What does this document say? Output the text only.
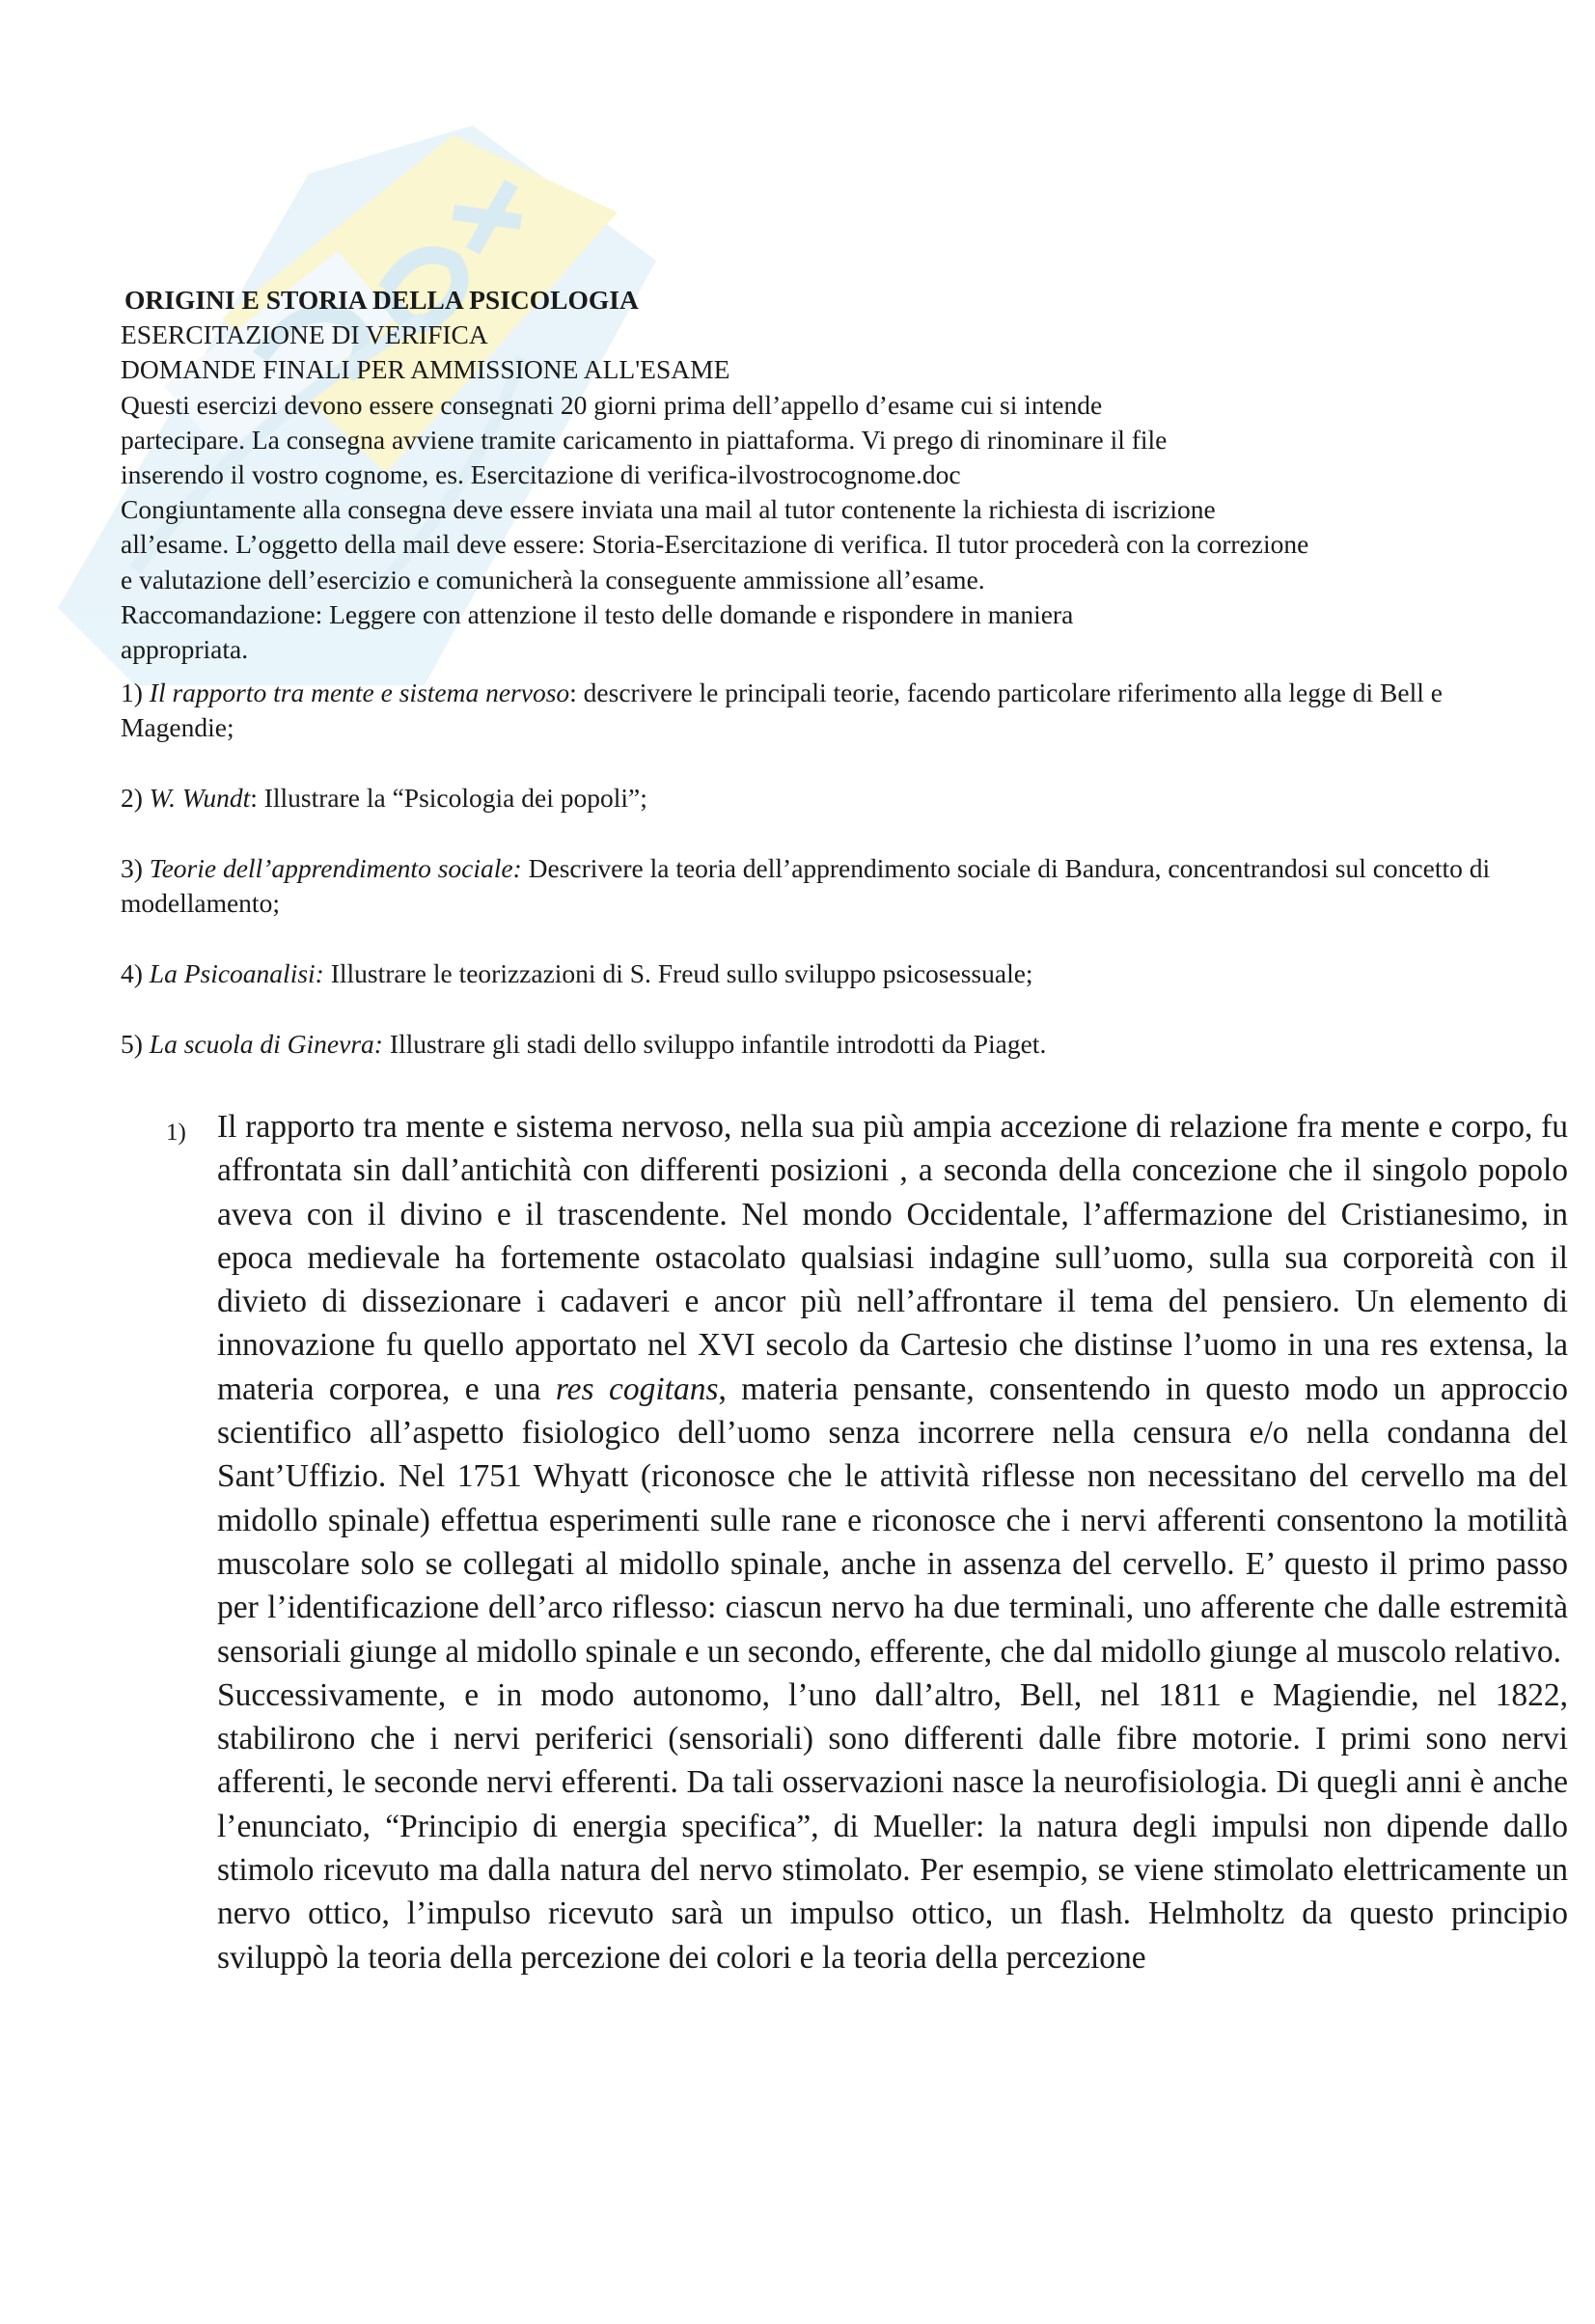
ORIGINI E STORIA DELLA PSICOLOGIA
ESERCITAZIONE DI VERIFICA
DOMANDE FINALI PER AMMISSIONE ALL'ESAME
Questi esercizi devono essere consegnati 20 giorni prima dell’appello d’esame cui si intende
partecipare. La consegna avviene tramite caricamento in piattaforma. Vi prego di rinominare il file
inserendo il vostro cognome, es. Esercitazione di verifica-ilvostrocognome.doc
Congiuntamente alla consegna deve essere inviata una mail al tutor contenente la richiesta di iscrizione
all’esame. L’oggetto della mail deve essere: Storia-Esercitazione di verifica. Il tutor procederà con la correzione
e valutazione dell’esercizio e comunicherà la conseguente ammissione all’esame.
Raccomandazione: Leggere con attenzione il testo delle domande e rispondere in maniera
appropriata.
1) Il rapporto tra mente e sistema nervoso: descrivere le principali teorie, facendo particolare riferimento alla legge di Bell e Magendie;
2) W. Wundt: Illustrare la “Psicologia dei popoli”;
3) Teorie dell’apprendimento sociale: Descrivere la teoria dell’apprendimento sociale di Bandura, concentrandosi sul concetto di modellamento;
4) La Psicoanalisi: Illustrare le teorizzazioni di S. Freud sullo sviluppo psicosessuale;
5) La scuola di Ginevra: Illustrare gli stadi dello sviluppo infantile introdotti da Piaget.
1) Il rapporto tra mente e sistema nervoso, nella sua più ampia accezione di relazione fra mente e corpo, fu affrontata sin dall’antichità con differenti posizioni , a seconda della concezione che il singolo popolo aveva con il divino e il trascendente. Nel mondo Occidentale, l’affermazione del Cristianesimo, in epoca medievale ha fortemente ostacolato qualsiasi indagine sull’uomo, sulla sua corporeità con il divieto di dissezionare i cadaveri e ancor più nell’affrontare il tema del pensiero. Un elemento di innovazione fu quello apportato nel XVI secolo da Cartesio che distinse l’uomo in una res extensa, la materia corporea, e una res cogitans, materia pensante, consentendo in questo modo un approccio scientifico all’aspetto fisiologico dell’uomo senza incorrere nella censura e/o nella condanna del Sant’Uffizio. Nel 1751 Whyatt (riconosce che le attività riflesse non necessitano del cervello ma del midollo spinale) effettua esperimenti sulle rane e riconosce che i nervi afferenti consentono la motilità muscolare solo se collegati al midollo spinale, anche in assenza del cervello. E’ questo il primo passo per l’identificazione dell’arco riflesso: ciascun nervo ha due terminali, uno afferente che dalle estremità sensoriali giunge al midollo spinale e un secondo, efferente, che dal midollo giunge al muscolo relativo.

Successivamente, e in modo autonomo, l’uno dall’altro, Bell, nel 1811 e Magiendie, nel 1822, stabilirono che i nervi periferici (sensoriali) sono differenti dalle fibre motorie. I primi sono nervi afferenti, le seconde nervi efferenti. Da tali osservazioni nasce la neurofisiologia. Di quegli anni è anche l’enunciato, “Principio di energia specifica”, di Mueller: la natura degli impulsi non dipende dallo stimolo ricevuto ma dalla natura del nervo stimolato. Per esempio, se viene stimolato elettricamente un nervo ottico, l’impulso ricevuto sarà un impulso ottico, un flash. Helmholtz da questo principio sviluppò la teoria della percezione dei colori e la teoria della percezione
